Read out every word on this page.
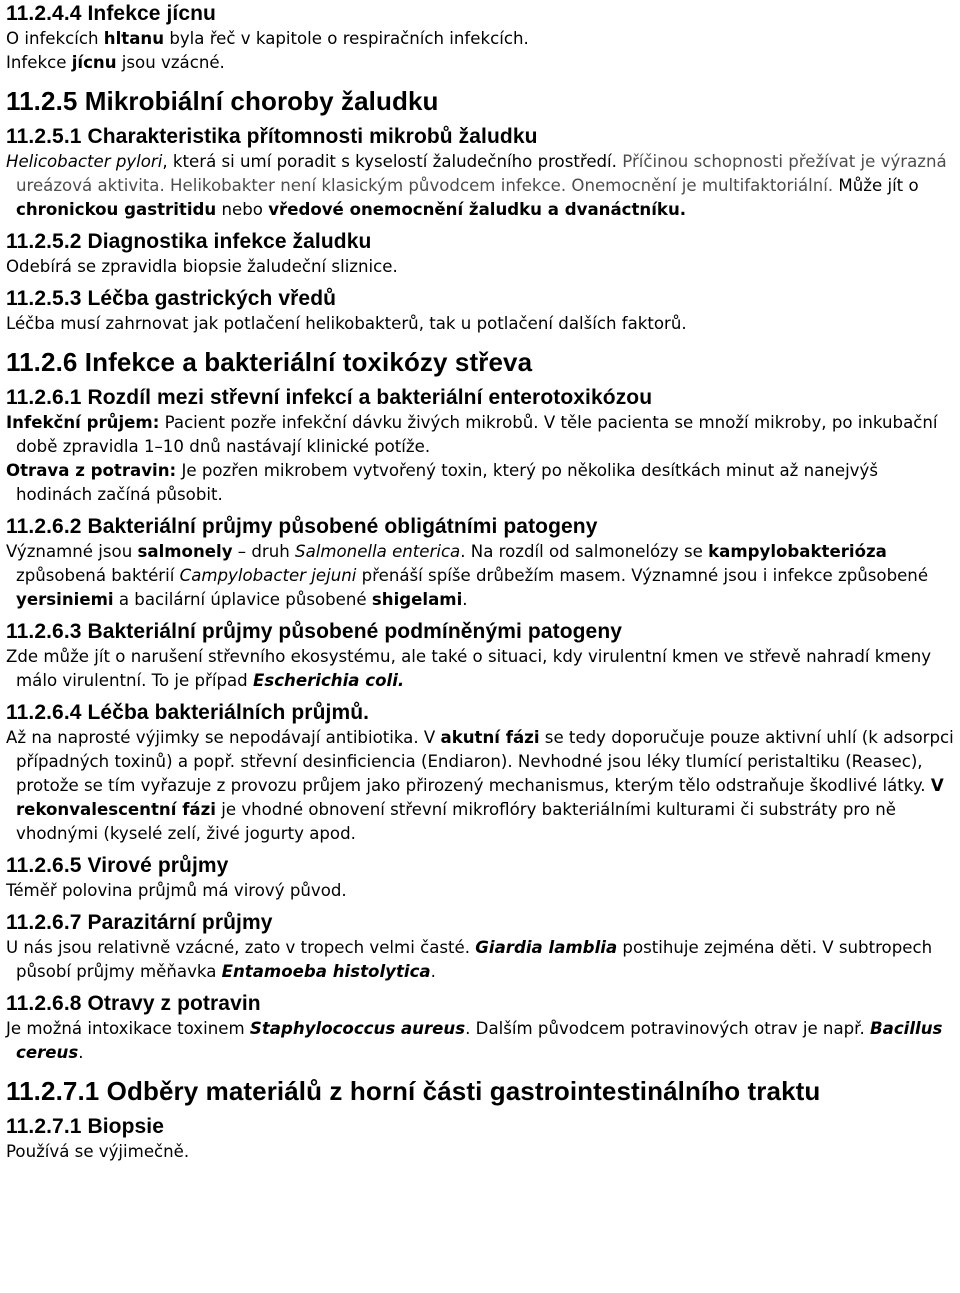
11.2.4.4 Infekce jícnu

O infekcích hltanu byla řeč v kapitole o respiračních infekcích.

Infekce jícnu jsou vzácné.

11.2.5 Mikrobiální choroby žaludku
11.2.5.1 Charakteristika přítomnosti mikrobů žaludku

Helicobacter pylori, která si umí poradit s kyselostí žaludečního prostředí. Příčinou schopnosti přežívat je výrazná ureázová aktivita. Helikobakter není klasickým původcem infekce. Onemocnění je multifaktoriální. Může jít o chronickou gastritidu nebo vředové onemocnění žaludku a dvanáctníku.

11.2.5.2 Diagnostika infekce žaludku

Odebírá se zpravidla biopsie žaludeční sliznice.

11.2.5.3 Léčba gastrických vředů

Léčba musí zahrnovat jak potlačení helikobakterů, tak u potlačení dalších faktorů.

11.2.6 Infekce a bakteriální toxikózy střeva
11.2.6.1 Rozdíl mezi střevní infekcí a bakteriální enterotoxikózou

Infekční průjem: Pacient pozře infekční dávku živých mikrobů. V těle pacienta se množí mikroby, po inkubační době zpravidla 1–10 dnů nastávají klinické potíže.

Otrava z potravin: Je pozřen mikrobem vytvořený toxin, který po několika desítkách minut až nanejvýš hodinách začíná působit.

11.2.6.2 Bakteriální průjmy působené obligátními patogeny

Významné jsou salmonely – druh Salmonella enterica. Na rozdíl od salmonelózy se kampylobakterióza způsobená baktérií Campylobacter jejuni přenáší spíše drůbežím masem. Významné jsou i infekce způsobené yersiniemi a bacilární úplavice působené shigelami.

11.2.6.3 Bakteriální průjmy působené podmíněnými patogeny

Zde může jít o narušení střevního ekosystému, ale také o situaci, kdy virulentní kmen ve střevě nahradí kmeny málo virulentní. To je případ Escherichia coli.

11.2.6.4 Léčba bakteriálních průjmů.

Až na naprosté výjimky se nepodávají antibiotika. V akutní fázi se tedy doporučuje pouze aktivní uhlí (k adsorpci případných toxinů) a popř. střevní desinficiencia (Endiaron). Nevhodné jsou léky tlumící peristaltiku (Reasec), protože se tím vyřazuje z provozu průjem jako přirozený mechanismus, kterým tělo odstraňuje škodlivé látky. V rekonvalescentní fázi je vhodné obnovení střevní mikroflóry bakteriálními kulturami či substráty pro ně vhodnými (kyselé zelí, živé jogurty apod.

11.2.6.5 Virové průjmy

Téměř polovina průjmů má virový původ.

11.2.6.7 Parazitární průjmy

U nás jsou relativně vzácné, zato v tropech velmi časté. Giardia lamblia postihuje zejména děti. V subtropech působí průjmy měňavka Entamoeba histolytica.

11.2.6.8 Otravy z potravin

Je možná intoxikace toxinem Staphylococcus aureus. Dalším původcem potravinových otrav je např. Bacillus cereus.

11.2.7.1 Odběry materiálů z horní části gastrointestinálního traktu
11.2.7.1 Biopsie

Používá se výjimečně.
